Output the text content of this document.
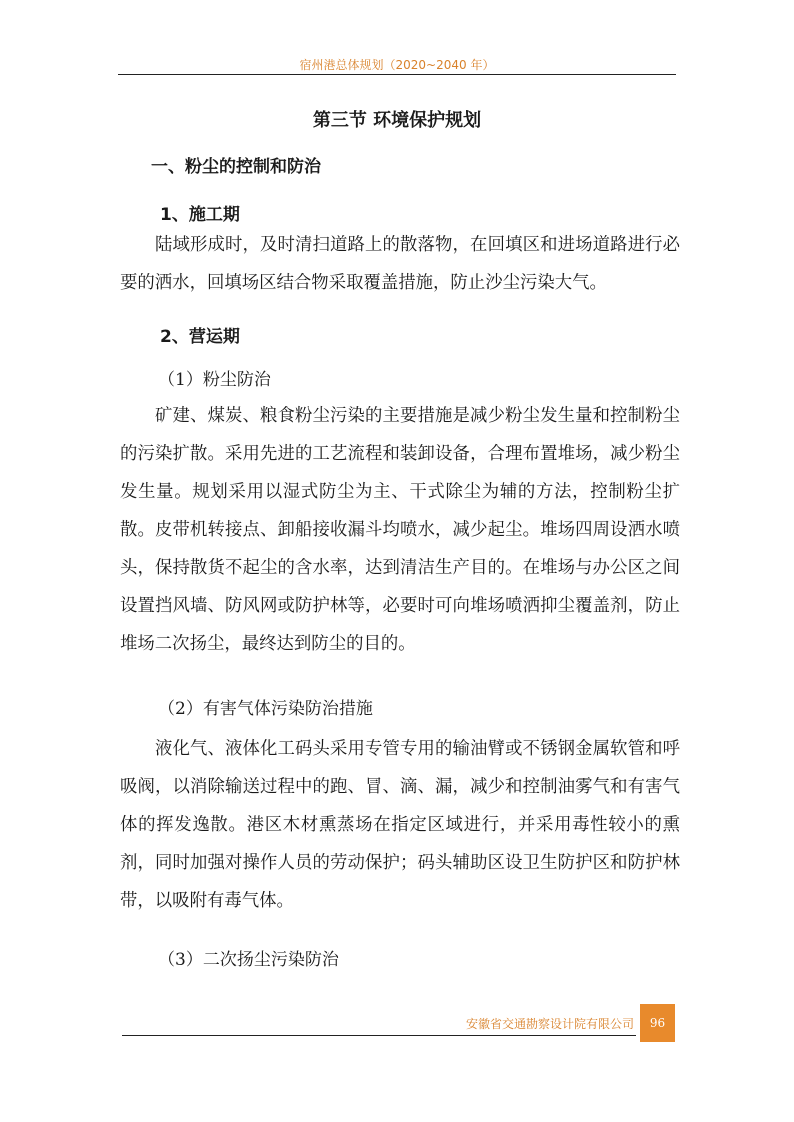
宿州港总体规划（2020~2040 年）
第三节 环境保护规划
一、粉尘的控制和防治
1、施工期

陆域形成时，及时清扫道路上的散落物，在回填区和进场道路进行必要的洒水，回填场区结合物采取覆盖措施，防止沙尘污染大气。

2、营运期
（1）粉尘防治

矿建、煤炭、粮食粉尘污染的主要措施是减少粉尘发生量和控制粉尘的污染扩散。采用先进的工艺流程和装卸设备，合理布置堆场，减少粉尘发生量。规划采用以湿式防尘为主、干式除尘为辅的方法，控制粉尘扩散。皮带机转接点、卸船接收漏斗均喷水，减少起尘。堆场四周设洒水喷头，保持散货不起尘的含水率，达到清洁生产目的。在堆场与办公区之间设置挡风墙、防风网或防护林等，必要时可向堆场喷洒抑尘覆盖剂，防止堆场二次扬尘，最终达到防尘的目的。

（2）有害气体污染防治措施

液化气、液体化工码头采用专管专用的输油臂或不锈钢金属软管和呼吸阀，以消除输送过程中的跑、冒、滴、漏，减少和控制油雾气和有害气体的挥发逸散。港区木材熏蒸场在指定区域进行，并采用毒性较小的熏剂，同时加强对操作人员的劳动保护；码头辅助区设卫生防护区和防护林带，以吸附有毒气体。

（3）二次扬尘污染防治
安徽省交通勘察设计院有限公司	96
